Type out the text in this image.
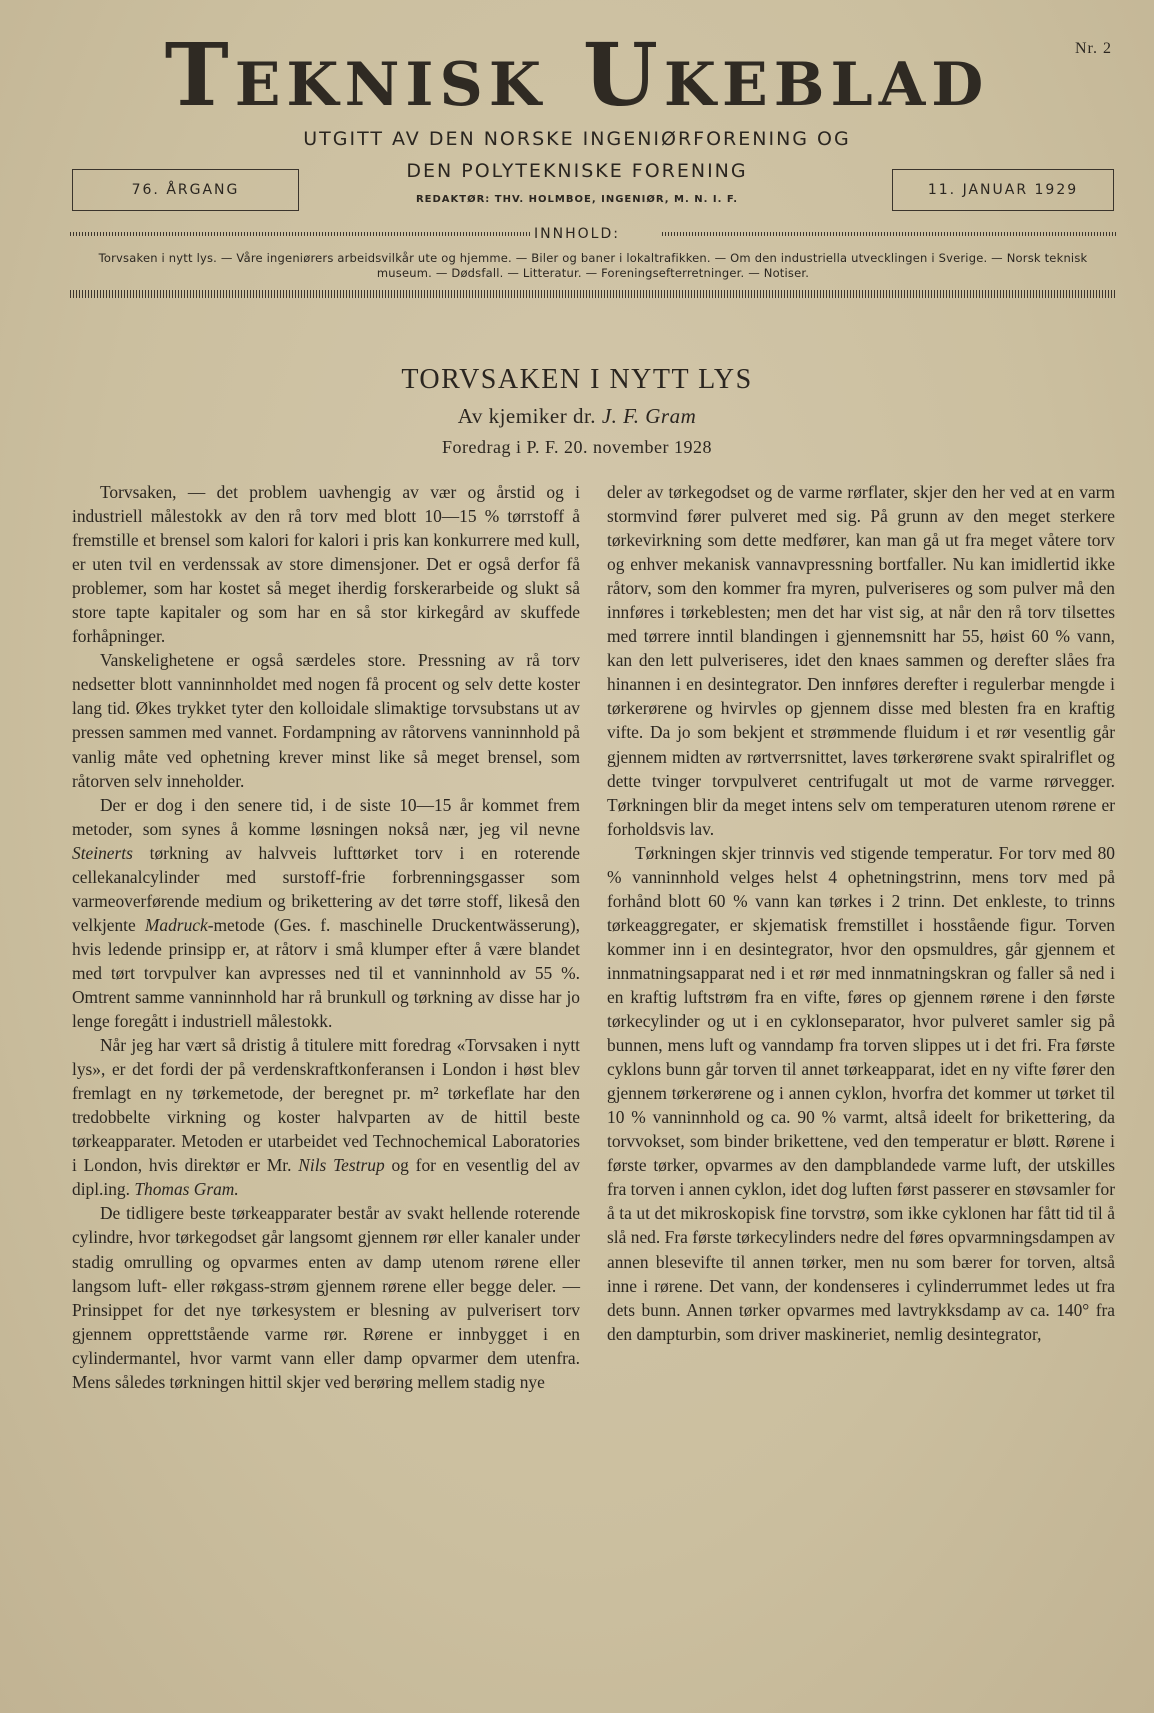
Nr. 2
Teknisk Ukeblad
UTGITT AV DEN NORSKE INGENIØRFORENING OG
DEN POLYTEKNISKE FORENING
REDAKTØR: THV. HOLMBOE, INGENIØR, M. N. I. F.
76. ÅRGANG	11. JANUAR 1929
INNHOLD:
Torvsaken i nytt lys. — Våre ingeniørers arbeidsvilkår ute og hjemme. — Biler og baner i lokaltrafikken. — Om den industriella utvecklingen i Sverige. — Norsk teknisk museum. — Dødsfall. — Litteratur. — Foreningsefterretninger. — Notiser.
TORVSAKEN I NYTT LYS
Av kjemiker dr. J. F. Gram
Foredrag i P. F. 20. november 1928

Torvsaken, — det problem uavhengig av vær og årstid og i industriell målestokk av den rå torv med blott 10—15 % tørrstoff å fremstille et brensel som kalori for kalori i pris kan konkurrere med kull, er uten tvil en verdenssak av store dimensjoner. Det er også derfor få problemer, som har kostet så meget iherdig forskerarbeide og slukt så store tapte kapitaler og som har en så stor kirkegård av skuffede forhåpninger.

Vanskelighetene er også særdeles store. Pressning av rå torv nedsetter blott vanninnholdet med nogen få procent og selv dette koster lang tid. Økes trykket tyter den kolloidale slimaktige torvsubstans ut av pressen sammen med vannet. Fordampning av råtorvens vanninnhold på vanlig måte ved ophetning krever minst like så meget brensel, som råtorven selv inneholder.

Der er dog i den senere tid, i de siste 10—15 år kommet frem metoder, som synes å komme løsningen nokså nær, jeg vil nevne Steinerts tørkning av halvveis lufttørket torv i en roterende cellekanalcylinder med surstoff-frie forbrenningsgasser som varmeoverførende medium og brikettering av det tørre stoff, likeså den velkjente Madruck-metode (Ges. f. maschinelle Druckentwässerung), hvis ledende prinsipp er, at råtorv i små klumper efter å være blandet med tørt torvpulver kan avpresses ned til et vanninnhold av 55 %. Omtrent samme vanninnhold har rå brunkull og tørkning av disse har jo lenge foregått i industriell målestokk.

Når jeg har vært så dristig å titulere mitt foredrag «Torvsaken i nytt lys», er det fordi der på verdenskraftkonferansen i London i høst blev fremlagt en ny tørkemetode, der beregnet pr. m² tørkeflate har den tredobbelte virkning og koster halvparten av de hittil beste tørkeapparater. Metoden er utarbeidet ved Technochemical Laboratories i London, hvis direktør er Mr. Nils Testrup og for en vesentlig del av dipl.ing. Thomas Gram.

De tidligere beste tørkeapparater består av svakt hellende roterende cylindre, hvor tørkegodset går langsomt gjennem rør eller kanaler under stadig omrulling og opvarmes enten av damp utenom rørene eller langsom luft- eller røkgass-strøm gjennem rørene eller begge deler. — Prinsippet for det nye tørkesystem er blesning av pulverisert torv gjennem opprettstående varme rør. Rørene er innbygget i en cylindermantel, hvor varmt vann eller damp opvarmer dem utenfra. Mens således tørkningen hittil skjer ved berøring mellem stadig nye

deler av tørkegodset og de varme rørflater, skjer den her ved at en varm stormvind fører pulveret med sig. På grunn av den meget sterkere tørkevirkning som dette medfører, kan man gå ut fra meget våtere torv og enhver mekanisk vannavpressning bortfaller. Nu kan imidlertid ikke råtorv, som den kommer fra myren, pulveriseres og som pulver må den innføres i tørkeblesten; men det har vist sig, at når den rå torv tilsettes med tørrere inntil blandingen i gjennemsnitt har 55, høist 60 % vann, kan den lett pulveriseres, idet den knaes sammen og derefter slåes fra hinannen i en desintegrator. Den innføres derefter i regulerbar mengde i tørkerørene og hvirvles op gjennem disse med blesten fra en kraftig vifte. Da jo som bekjent et strømmende fluidum i et rør vesentlig går gjennem midten av rørtverrsnittet, laves tørkerørene svakt spiralriflet og dette tvinger torvpulveret centrifugalt ut mot de varme rørvegger. Tørkningen blir da meget intens selv om temperaturen utenom rørene er forholdsvis lav.

Tørkningen skjer trinnvis ved stigende temperatur. For torv med 80 % vanninnhold velges helst 4 ophetningstrinn, mens torv med på forhånd blott 60 % vann kan tørkes i 2 trinn. Det enkleste, to trinns tørkeaggregater, er skjematisk fremstillet i hosstående figur. Torven kommer inn i en desintegrator, hvor den opsmuldres, går gjennem et innmatningsapparat ned i et rør med innmatningskran og faller så ned i en kraftig luftstrøm fra en vifte, føres op gjennem rørene i den første tørkecylinder og ut i en cyklonseparator, hvor pulveret samler sig på bunnen, mens luft og vanndamp fra torven slippes ut i det fri. Fra første cyklons bunn går torven til annet tørkeapparat, idet en ny vifte fører den gjennem tørkerørene og i annen cyklon, hvorfra det kommer ut tørket til 10 % vanninnhold og ca. 90 % varmt, altså ideelt for brikettering, da torvvokset, som binder brikettene, ved den temperatur er bløtt. Rørene i første tørker, opvarmes av den dampblandede varme luft, der utskilles fra torven i annen cyklon, idet dog luften først passerer en støvsamler for å ta ut det mikroskopisk fine torvstrø, som ikke cyklonen har fått tid til å slå ned. Fra første tørkecylinders nedre del føres opvarmningsdampen av annen blesevifte til annen tørker, men nu som bærer for torven, altså inne i rørene. Det vann, der kondenseres i cylinderrummet ledes ut fra dets bunn. Annen tørker opvarmes med lavtrykksdamp av ca. 140° fra den dampturbin, som driver maskineriet, nemlig desintegrator,
